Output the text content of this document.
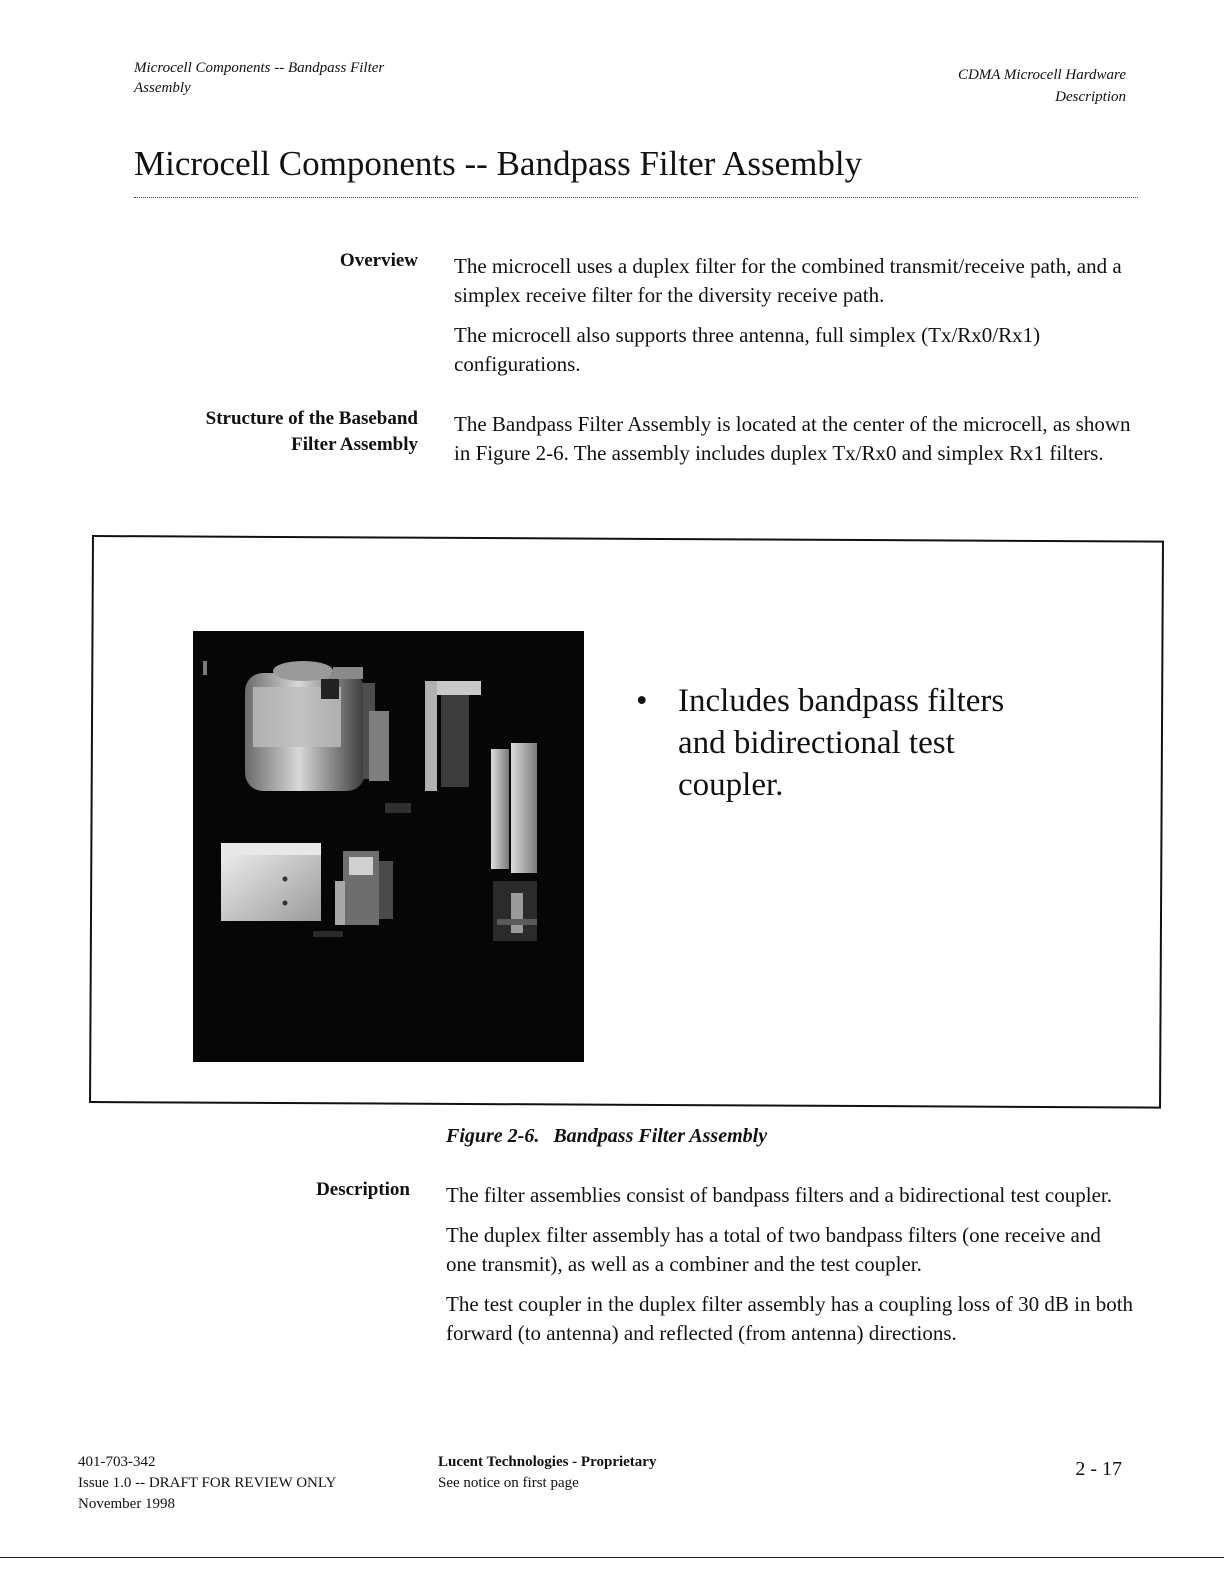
Microcell Components -- Bandpass Filter
Assembly
CDMA Microcell Hardware
Description
Microcell Components -- Bandpass Filter Assembly
Overview The microcell uses a duplex filter for the combined transmit/receive path, and a simplex receive filter for the diversity receive path.

The microcell also supports three antenna, full simplex (Tx/Rx0/Rx1) configurations.

Structure of the Baseband
Filter Assembly

The Bandpass Filter Assembly is located at the center of the microcell, as shown in Figure 2-6. The assembly includes duplex Tx/Rx0 and simplex Rx1 filters.

• Includes bandpass filters and bidirectional test coupler.
Figure 2-6. Bandpass Filter Assembly
Description The filter assemblies consist of bandpass filters and a bidirectional test coupler.

The duplex filter assembly has a total of two bandpass filters (one receive and one transmit), as well as a combiner and the test coupler.

The test coupler in the duplex filter assembly has a coupling loss of 30 dB in both forward (to antenna) and reflected (from antenna) directions.

401-703-342
Issue 1.0 -- DRAFT FOR REVIEW ONLY
November 1998
Lucent Technologies - Proprietary
See notice on first page
2 - 17
